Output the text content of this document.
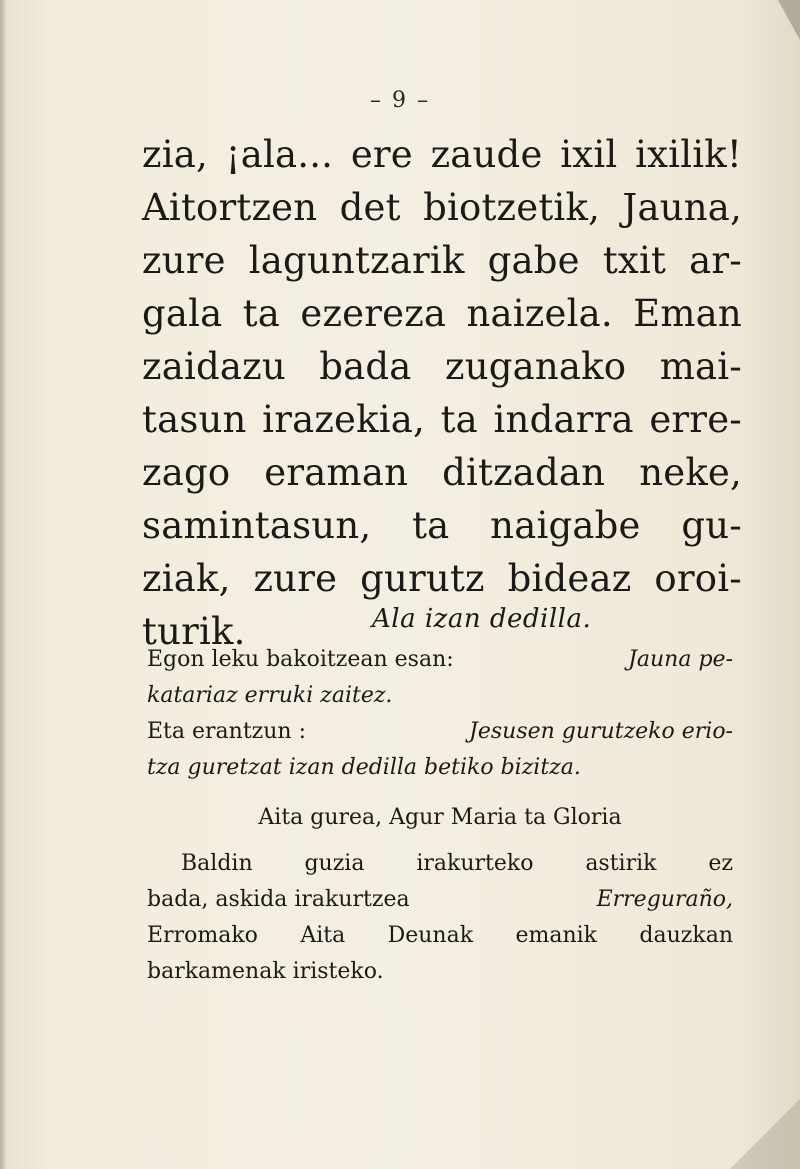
– 9 –
zia, ¡ala... ere zaude ixil ixilik!
Aitortzen det biotzetik, Jauna,
zure laguntzarik gabe txit ar-
gala ta ezereza naizela. Eman
zaidazu bada zuganako mai-
tasun irazekia, ta indarra erre-
zago eraman ditzadan neke,
samintasun, ta naigabe gu-
ziak, zure gurutz bideaz oroi-
turik.	Ala izan dedilla.
Egon leku bakoitzean esan:	Jauna pe-
katariaz erruki zaitez.
Eta erantzun :	Jesusen gurutzeko erio-
tza guretzat izan dedilla betiko bizitza.
Aita gurea, Agur Maria ta Gloria
Baldin guzia irakurteko astirik ez
bada, askida irakurtzea	Erreguraño,
Erromako Aita Deunak emanik dauzkan
barkamenak iristeko.
